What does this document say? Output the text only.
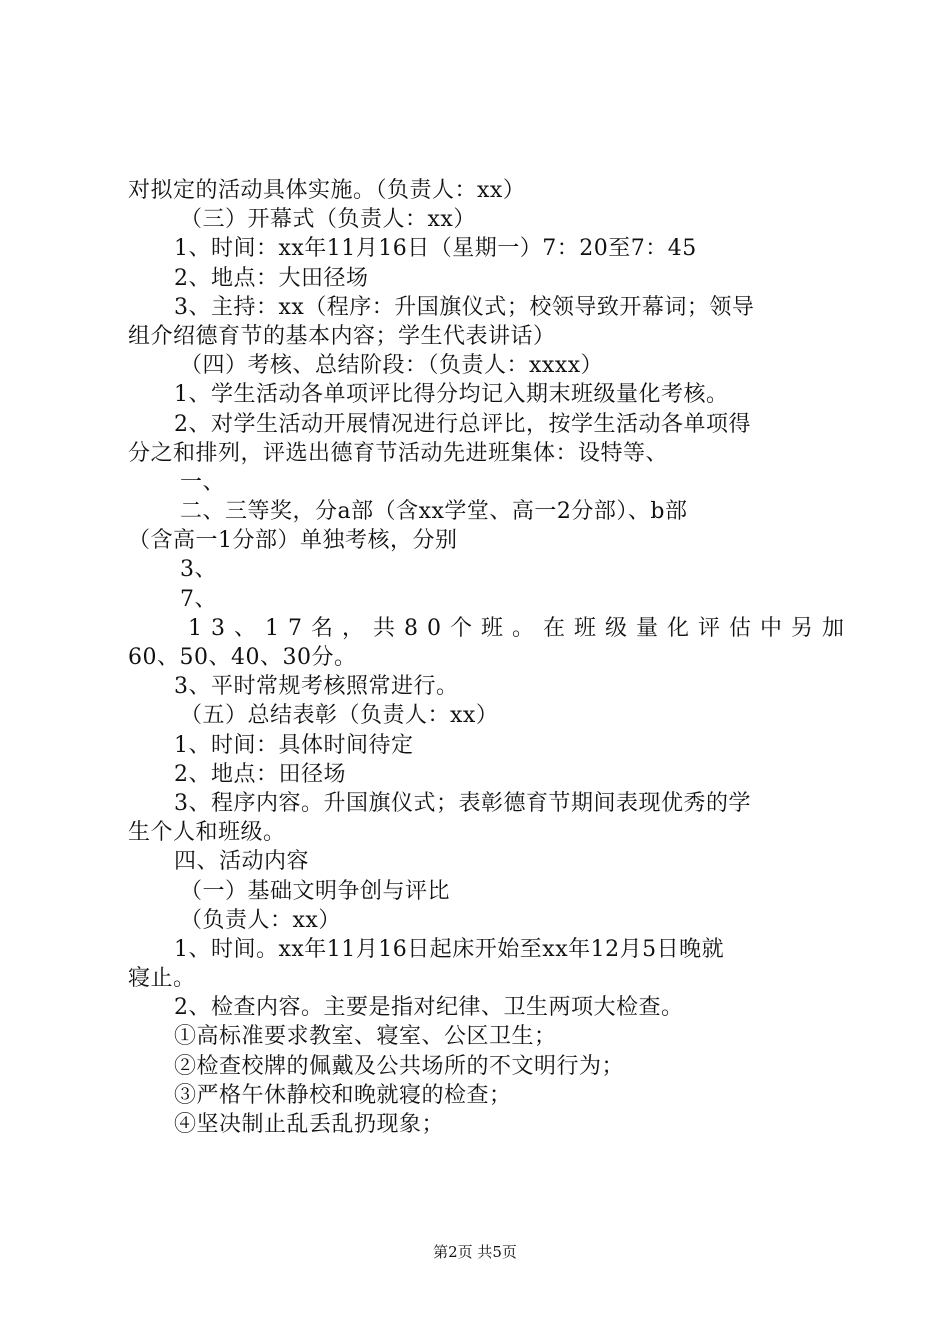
对拟定的活动具体实施。（负责人：xx）
（三）开幕式（负责人：xx）
1、时间：xx年11月16日（星期一）7：20至7：45
2、地点：大田径场
3、主持：xx（程序：升国旗仪式；校领导致开幕词；领导
组介绍德育节的基本内容；学生代表讲话）
（四）考核、总结阶段：（负责人：xxxx）
1、学生活动各单项评比得分均记入期末班级量化考核。
2、对学生活动开展情况进行总评比，按学生活动各单项得
分之和排列，评选出德育节活动先进班集体：设特等、
一、
二、三等奖，分a部（含xx学堂、高一2分部）、b部
（含高一1分部）单独考核，分别
3、
7、
13、17名，共80个班。在班级量化评估中另加
60、50、40、30分。
3、平时常规考核照常进行。
（五）总结表彰（负责人：xx）
1、时间：具体时间待定
2、地点：田径场
3、程序内容。升国旗仪式；表彰德育节期间表现优秀的学
生个人和班级。
四、活动内容
（一）基础文明争创与评比
（负责人：xx）
1、时间。xx年11月16日起床开始至xx年12月5日晚就
寝止。
2、检查内容。主要是指对纪律、卫生两项大检查。
①高标准要求教室、寝室、公区卫生；
②检查校牌的佩戴及公共场所的不文明行为；
③严格午休静校和晚就寝的检查；
④坚决制止乱丢乱扔现象；
第2页 共5页
